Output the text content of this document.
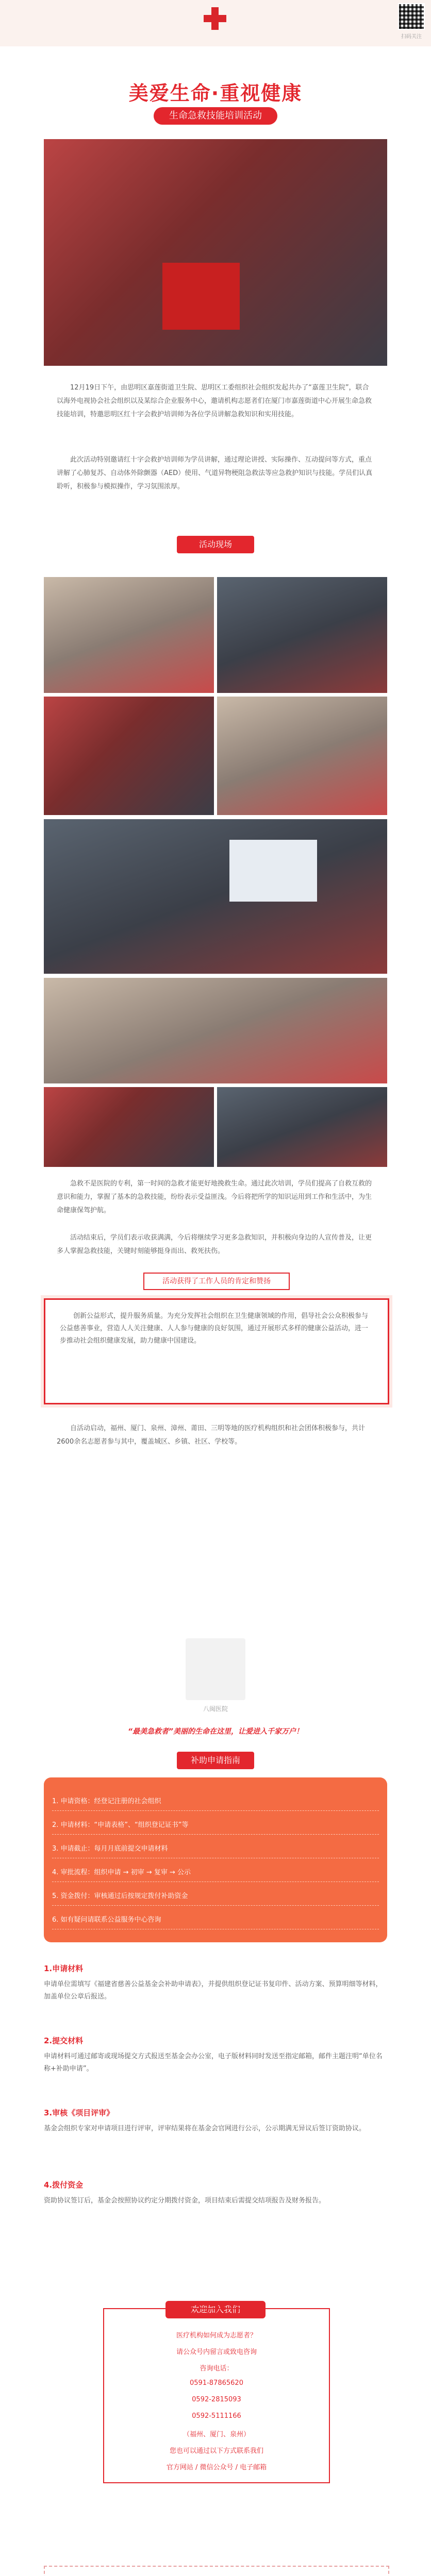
扫码关注
美爱生命·重视健康
生命急救技能培训活动
12月19日下午，由思明区嘉莲街道卫生院、思明区工委组织社会组织发起共办了“嘉莲卫生院”，联合以海外电视协会社会组织以及某综合企业服务中心，邀请机构志愿者们在厦门市嘉莲街道中心开展生命急救技能培训，特邀思明区红十字会救护培训师为各位学员讲解急救知识和实用技能。
此次活动特别邀请红十字会救护培训师为学员讲解，通过理论讲授、实际操作、互动提问等方式，重点讲解了心肺复苏、自动体外除颤器（AED）使用、气道异物梗阻急救法等应急救护知识与技能。学员们认真聆听，积极参与模拟操作，学习氛围浓厚。
活动现场
急救不是医院的专利，第一时间的急救才能更好地挽救生命。通过此次培训，学员们提高了自救互救的意识和能力，掌握了基本的急救技能，纷纷表示受益匪浅。今后将把所学的知识运用到工作和生活中，为生命健康保驾护航。
活动结束后，学员们表示收获满满，今后将继续学习更多急救知识，并积极向身边的人宣传普及，让更多人掌握急救技能，关键时刻能够挺身而出、救死扶伤。
活动获得了工作人员的肯定和赞扬
创新公益形式，提升服务质量。为充分发挥社会组织在卫生健康领域的作用，倡导社会公众积极参与公益慈善事业，营造人人关注健康、人人参与健康的良好氛围，通过开展形式多样的健康公益活动，进一步推动社会组织健康发展，助力健康中国建设。
自活动启动，福州、厦门、泉州、漳州、莆田、三明等地的医疗机构组织和社会团体积极参与，共计2600余名志愿者参与其中，覆盖城区、乡镇、社区、学校等。
八闽医院
“最美急救者”美丽的生命在这里，让爱进入千家万户！
补助申请指南
1. 申请资格：经登记注册的社会组织
2. 申请材料：“申请表格”、“组织登记证书”等
3. 申请截止：每月月底前提交申请材料
4. 审批流程：组织申请 → 初审 → 复审 → 公示
5. 资金拨付：审核通过后按规定拨付补助资金
6. 如有疑问请联系公益服务中心咨询
1.申请材料
申请单位需填写《福建省慈善公益基金会补助申请表》，并提供组织登记证书复印件、活动方案、预算明细等材料，加盖单位公章后报送。
2.提交材料
申请材料可通过邮寄或现场提交方式报送至基金会办公室，电子版材料同时发送至指定邮箱，邮件主题注明“单位名称+补助申请”。
3.审核《项目评审》
基金会组织专家对申请项目进行评审，评审结果将在基金会官网进行公示，公示期满无异议后签订资助协议。
4.拨付资金
资助协议签订后，基金会按照协议约定分期拨付资金，项目结束后需提交结项报告及财务报告。
欢迎加入我们
医疗机构如何成为志愿者？
请公众号内留言或致电咨询
咨询电话：
0591-87865620
0592-2815093
0592-5111166
（福州、厦门、泉州）
您也可以通过以下方式联系我们
官方网站 / 微信公众号 / 电子邮箱
